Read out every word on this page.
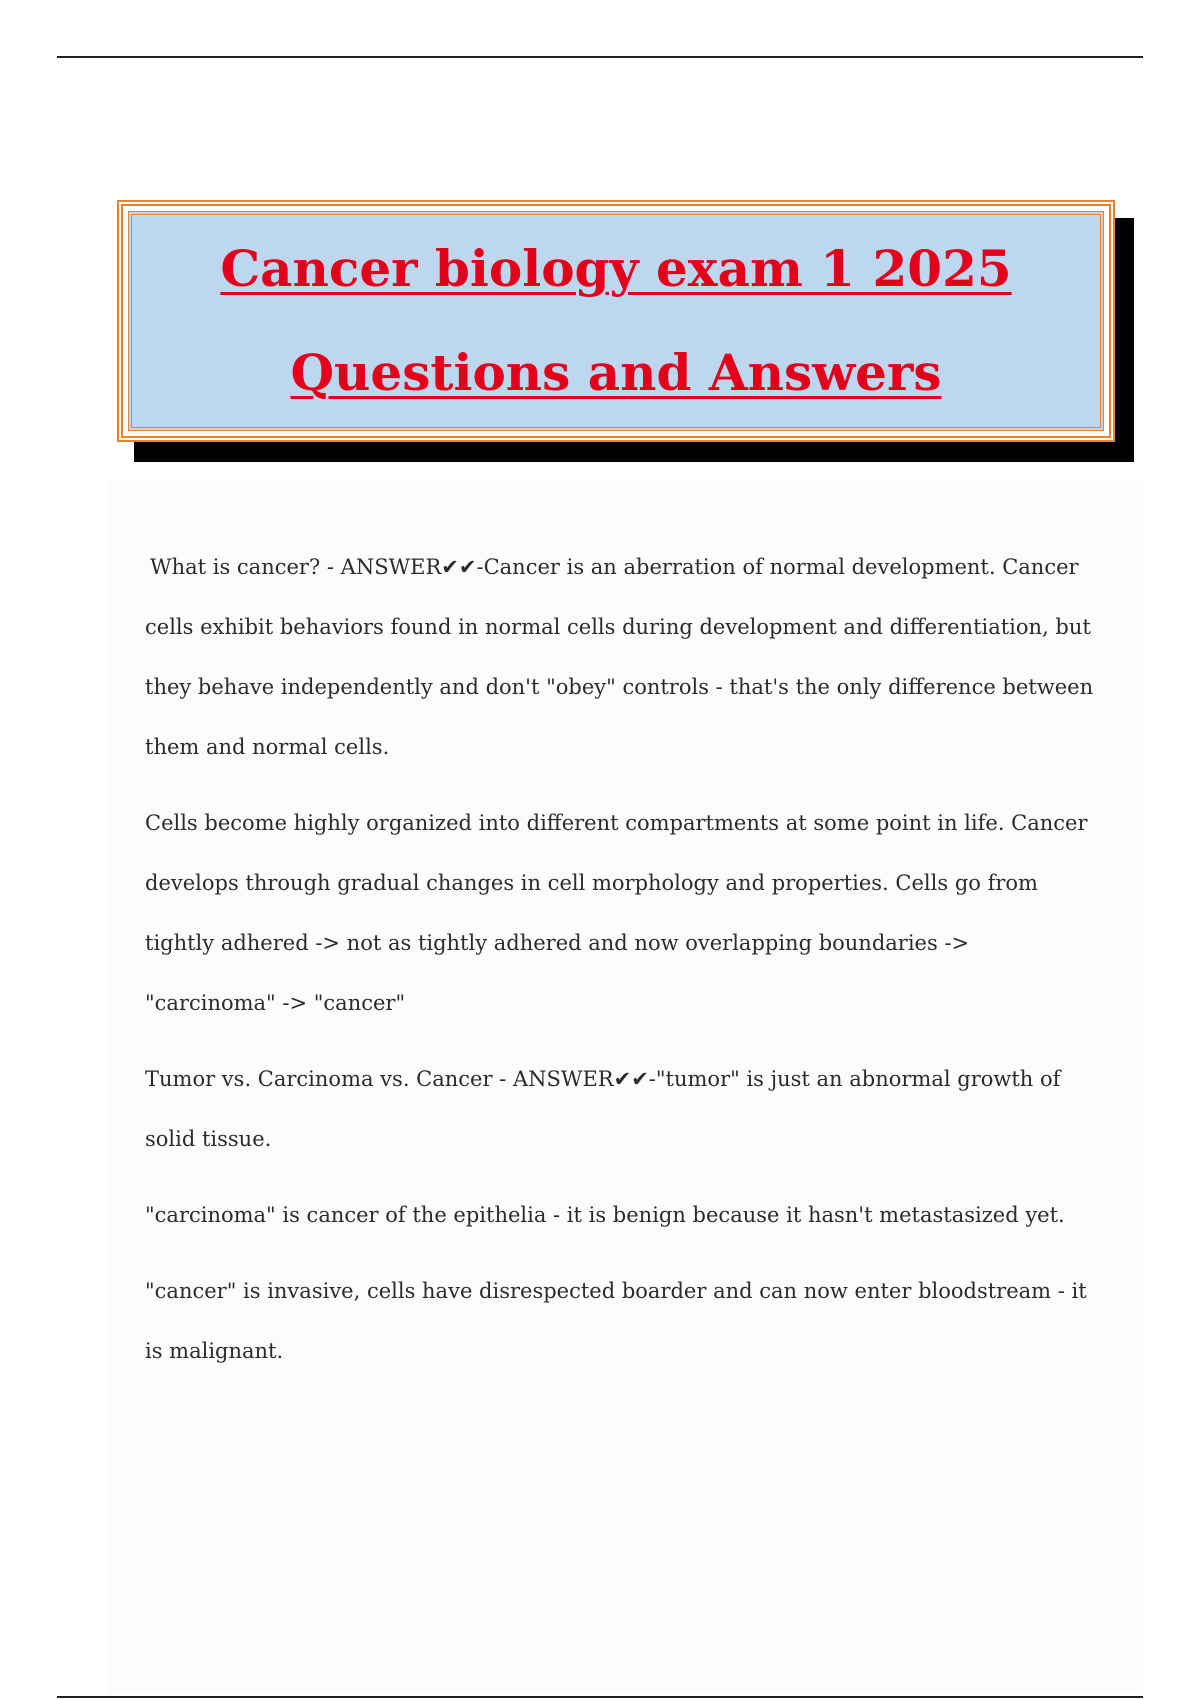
Cancer biology exam 1 2025
Questions and Answers

What is cancer? - ANSWER✔✔-Cancer is an aberration of normal development. Cancer cells exhibit behaviors found in normal cells during development and differentiation, but they behave independently and don't "obey" controls - that's the only difference between them and normal cells.

Cells become highly organized into different compartments at some point in life. Cancer develops through gradual changes in cell morphology and properties. Cells go from tightly adhered -> not as tightly adhered and now overlapping boundaries -> "carcinoma" -> "cancer"

Tumor vs. Carcinoma vs. Cancer - ANSWER✔✔-"tumor" is just an abnormal growth of solid tissue.

"carcinoma" is cancer of the epithelia - it is benign because it hasn't metastasized yet.

"cancer" is invasive, cells have disrespected boarder and can now enter bloodstream - it is malignant.
